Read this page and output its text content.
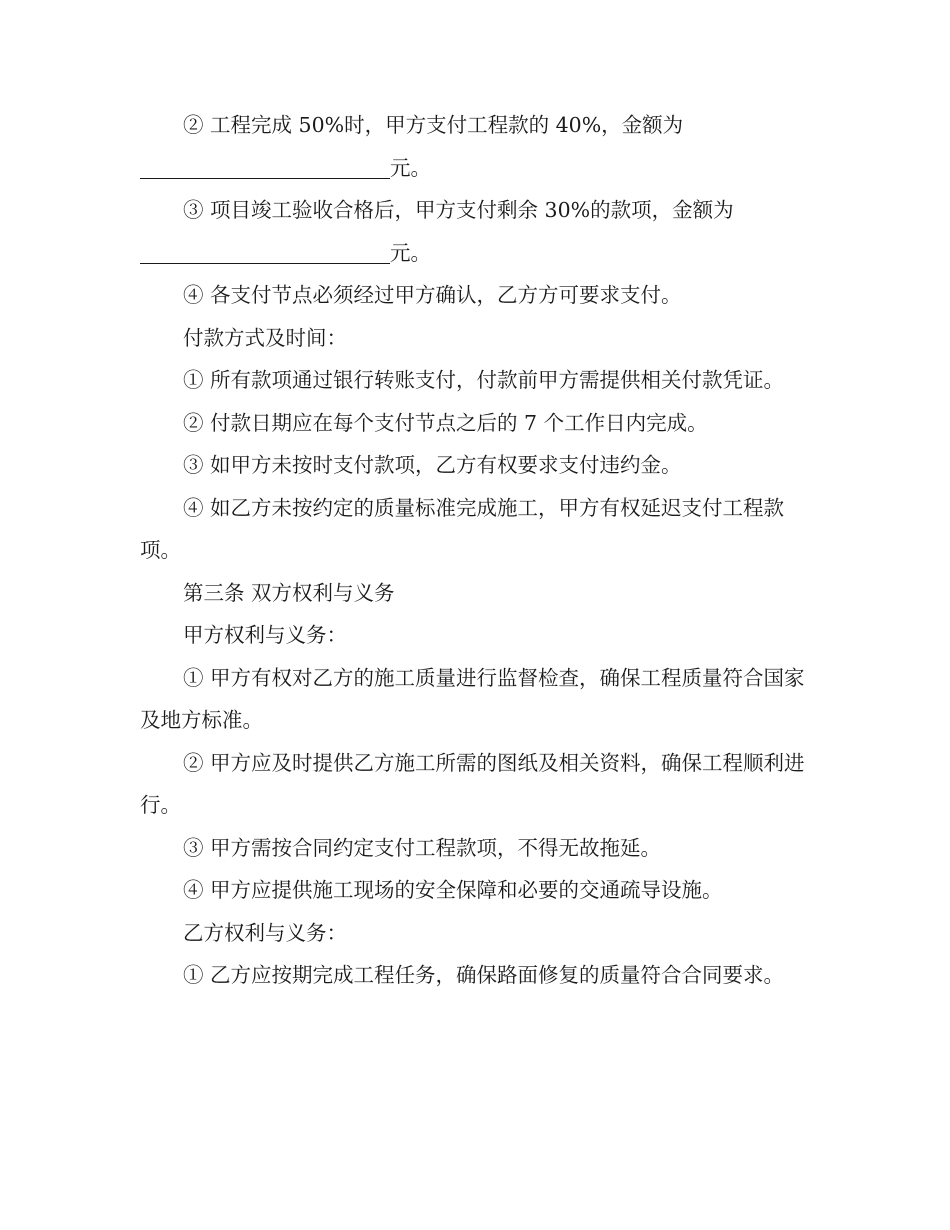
② 工程完成 50%时，甲方支付工程款的 40%，金额为

元。

③ 项目竣工验收合格后，甲方支付剩余 30%的款项，金额为

元。

④ 各支付节点必须经过甲方确认，乙方方可要求支付。

付款方式及时间：

① 所有款项通过银行转账支付，付款前甲方需提供相关付款凭证。

② 付款日期应在每个支付节点之后的 7 个工作日内完成。

③ 如甲方未按时支付款项，乙方有权要求支付违约金。

④ 如乙方未按约定的质量标准完成施工，甲方有权延迟支付工程款项。

第三条 双方权利与义务

甲方权利与义务：

① 甲方有权对乙方的施工质量进行监督检查，确保工程质量符合国家及地方标准。

② 甲方应及时提供乙方施工所需的图纸及相关资料，确保工程顺利进行。

③ 甲方需按合同约定支付工程款项，不得无故拖延。

④ 甲方应提供施工现场的安全保障和必要的交通疏导设施。

乙方权利与义务：

① 乙方应按期完成工程任务，确保路面修复的质量符合合同要求。
